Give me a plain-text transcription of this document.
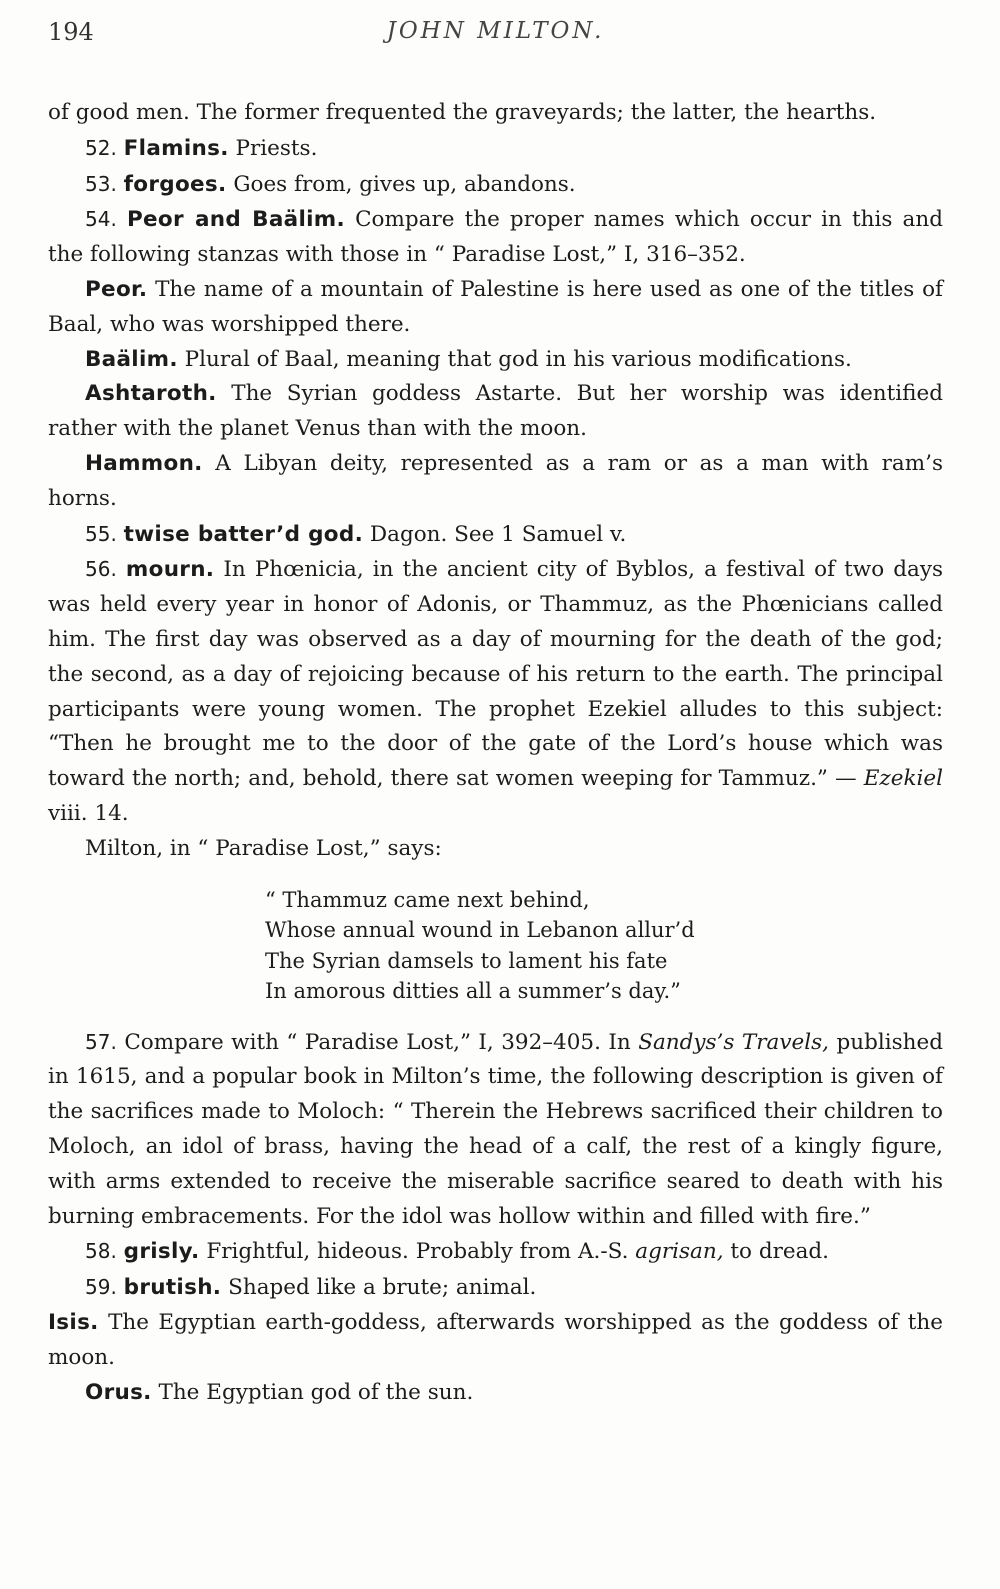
194	JOHN MILTON.

of good men. The former frequented the graveyards; the latter, the hearths.

52. Flamins. Priests.

53. forgoes. Goes from, gives up, abandons.

54. Peor and Baälim. Compare the proper names which occur in this and the following stanzas with those in “ Paradise Lost,” I, 316–352.

Peor. The name of a mountain of Palestine is here used as one of the titles of Baal, who was worshipped there.

Baälim. Plural of Baal, meaning that god in his various modifications.

Ashtaroth. The Syrian goddess Astarte. But her worship was identified rather with the planet Venus than with the moon.

Hammon. A Libyan deity, represented as a ram or as a man with ram’s horns.

55. twise batter’d god. Dagon. See 1 Samuel v.

56. mourn. In Phœnicia, in the ancient city of Byblos, a festival of two days was held every year in honor of Adonis, or Thammuz, as the Phœnicians called him. The first day was observed as a day of mourning for the death of the god; the second, as a day of rejoicing because of his return to the earth. The principal participants were young women. The prophet Ezekiel alludes to this subject: “Then he brought me to the door of the gate of the Lord’s house which was toward the north; and, behold, there sat women weeping for Tammuz.” — Ezekiel viii. 14.

Milton, in “ Paradise Lost,” says:

“ Thammuz came next behind,

Whose annual wound in Lebanon allur’d

The Syrian damsels to lament his fate

In amorous ditties all a summer’s day.”

57. Compare with “ Paradise Lost,” I, 392–405. In Sandys’s Travels, published in 1615, and a popular book in Milton’s time, the following description is given of the sacrifices made to Moloch: “ Therein the Hebrews sacrificed their children to Moloch, an idol of brass, having the head of a calf, the rest of a kingly figure, with arms extended to receive the miserable sacrifice seared to death with his burning embracements. For the idol was hollow within and filled with fire.”

58. grisly. Frightful, hideous. Probably from A.-S. agrisan, to dread.

59. brutish. Shaped like a brute; animal.

Isis. The Egyptian earth-goddess, afterwards worshipped as the goddess of the moon.

Orus. The Egyptian god of the sun.
